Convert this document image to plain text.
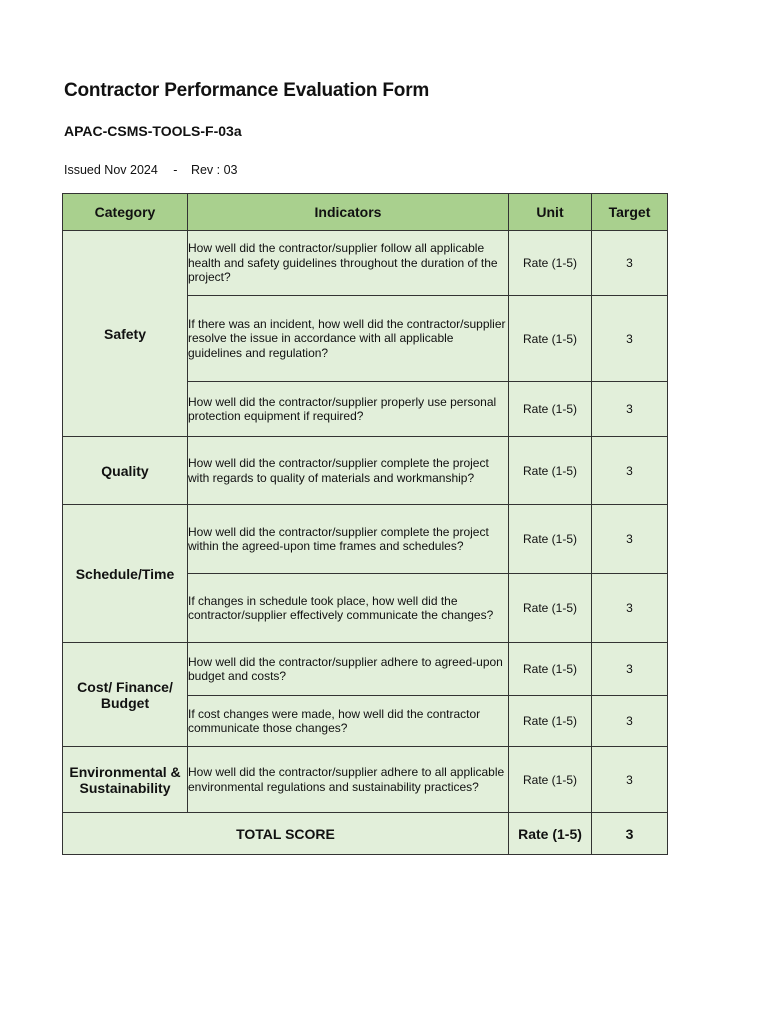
Contractor Performance Evaluation Form
APAC-CSMS-TOOLS-F-03a
Issued Nov 2024 - Rev : 03
Category	Indicators	Unit	Target
Safety	How well did the contractor/supplier follow all applicable health and safety guidelines throughout the duration of the project?	Rate (1-5)	3
	If there was an incident, how well did the contractor/supplier resolve the issue in accordance with all applicable guidelines and regulation?	Rate (1-5)	3
	How well did the contractor/supplier properly use personal protection equipment if required?	Rate (1-5)	3
Quality	How well did the contractor/supplier complete the project with regards to quality of materials and workmanship?	Rate (1-5)	3
Schedule/Time	How well did the contractor/supplier complete the project within the agreed-upon time frames and schedules?	Rate (1-5)	3
	If changes in schedule took place, how well did the contractor/supplier effectively communicate the changes?	Rate (1-5)	3
Cost/ Finance/ Budget	How well did the contractor/supplier adhere to agreed-upon budget and costs?	Rate (1-5)	3
	If cost changes were made, how well did the contractor communicate those changes?	Rate (1-5)	3
Environmental & Sustainability	How well did the contractor/supplier adhere to all applicable environmental regulations and sustainability practices?	Rate (1-5)	3
TOTAL SCORE		Rate (1-5)	3
